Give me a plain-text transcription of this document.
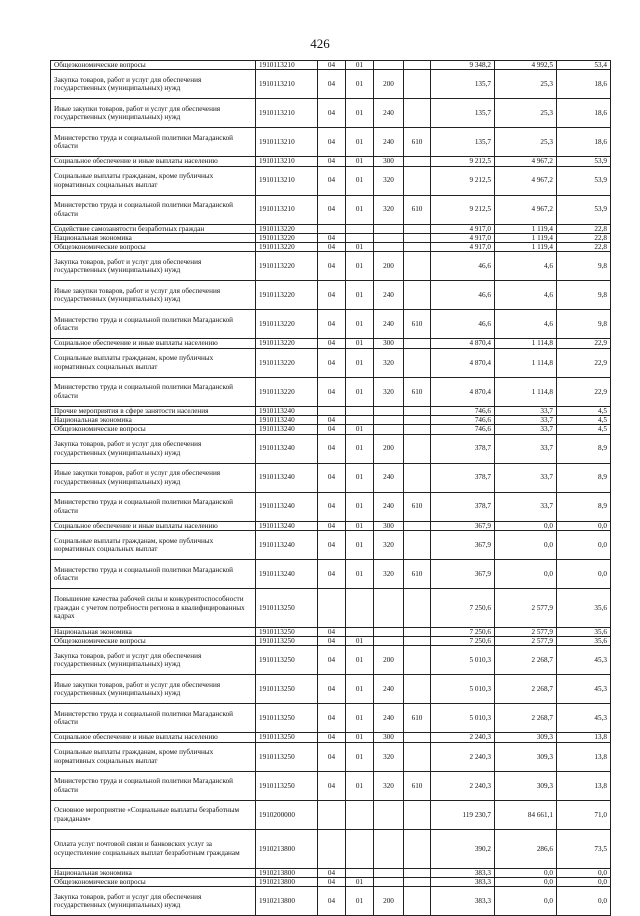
426
Общеэкономические вопросы	1910113210	04	01			9 348,2	4 992,5	53,4
Закупка товаров, работ и услуг для обеспечения государственных (муниципальных) нужд	1910113210	04	01	200		135,7	25,3	18,6
Иные закупки товаров, работ и услуг для обеспечения государственных (муниципальных) нужд	1910113210	04	01	240		135,7	25,3	18,6
Министерство труда и социальной политики Магаданской области	1910113210	04	01	240	610	135,7	25,3	18,6
Социальное обеспечение и иные выплаты населению	1910113210	04	01	300		9 212,5	4 967,2	53,9
Социальные выплаты гражданам, кроме публичных нормативных социальных выплат	1910113210	04	01	320		9 212,5	4 967,2	53,9
Министерство труда и социальной политики Магаданской области	1910113210	04	01	320	610	9 212,5	4 967,2	53,9
Содействие самозанятости безработных граждан	1910113220					4 917,0	1 119,4	22,8
Национальная экономика	1910113220	04				4 917,0	1 119,4	22,8
Общеэкономические вопросы	1910113220	04	01			4 917,0	1 119,4	22,8
Закупка товаров, работ и услуг для обеспечения государственных (муниципальных) нужд	1910113220	04	01	200		46,6	4,6	9,8
Иные закупки товаров, работ и услуг для обеспечения государственных (муниципальных) нужд	1910113220	04	01	240		46,6	4,6	9,8
Министерство труда и социальной политики Магаданской области	1910113220	04	01	240	610	46,6	4,6	9,8
Социальное обеспечение и иные выплаты населению	1910113220	04	01	300		4 870,4	1 114,8	22,9
Социальные выплаты гражданам, кроме публичных нормативных социальных выплат	1910113220	04	01	320		4 870,4	1 114,8	22,9
Министерство труда и социальной политики Магаданской области	1910113220	04	01	320	610	4 870,4	1 114,8	22,9
Прочие мероприятия в сфере занятости населения	1910113240					746,6	33,7	4,5
Национальная экономика	1910113240	04				746,6	33,7	4,5
Общеэкономические вопросы	1910113240	04	01			746,6	33,7	4,5
Закупка товаров, работ и услуг для обеспечения государственных (муниципальных) нужд	1910113240	04	01	200		378,7	33,7	8,9
Иные закупки товаров, работ и услуг для обеспечения государственных (муниципальных) нужд	1910113240	04	01	240		378,7	33,7	8,9
Министерство труда и социальной политики Магаданской области	1910113240	04	01	240	610	378,7	33,7	8,9
Социальное обеспечение и иные выплаты населению	1910113240	04	01	300		367,9	0,0	0,0
Социальные выплаты гражданам, кроме публичных нормативных социальных выплат	1910113240	04	01	320		367,9	0,0	0,0
Министерство труда и социальной политики Магаданской области	1910113240	04	01	320	610	367,9	0,0	0,0
Повышение качества рабочей силы и конкурентоспособности граждан с учетом потребности региона в квалифицированных кадрах	1910113250					7 250,6	2 577,9	35,6
Национальная экономика	1910113250	04				7 250,6	2 577,9	35,6
Общеэкономические вопросы	1910113250	04	01			7 250,6	2 577,9	35,6
Закупка товаров, работ и услуг для обеспечения государственных (муниципальных) нужд	1910113250	04	01	200		5 010,3	2 268,7	45,3
Иные закупки товаров, работ и услуг для обеспечения государственных (муниципальных) нужд	1910113250	04	01	240		5 010,3	2 268,7	45,3
Министерство труда и социальной политики Магаданской области	1910113250	04	01	240	610	5 010,3	2 268,7	45,3
Социальное обеспечение и иные выплаты населению	1910113250	04	01	300		2 240,3	309,3	13,8
Социальные выплаты гражданам, кроме публичных нормативных социальных выплат	1910113250	04	01	320		2 240,3	309,3	13,8
Министерство труда и социальной политики Магаданской области	1910113250	04	01	320	610	2 240,3	309,3	13,8
Основное мероприятие «Социальные выплаты безработным гражданам»	1910200000					119 230,7	84 661,1	71,0
Оплата услуг почтовой связи и банковских услуг за осуществление социальных выплат безработным гражданам	1910213800					390,2	286,6	73,5
Национальная экономика	1910213800	04				383,3	0,0	0,0
Общеэкономические вопросы	1910213800	04	01			383,3	0,0	0,0
Закупка товаров, работ и услуг для обеспечения государственных (муниципальных) нужд	1910213800	04	01	200		383,3	0,0	0,0
